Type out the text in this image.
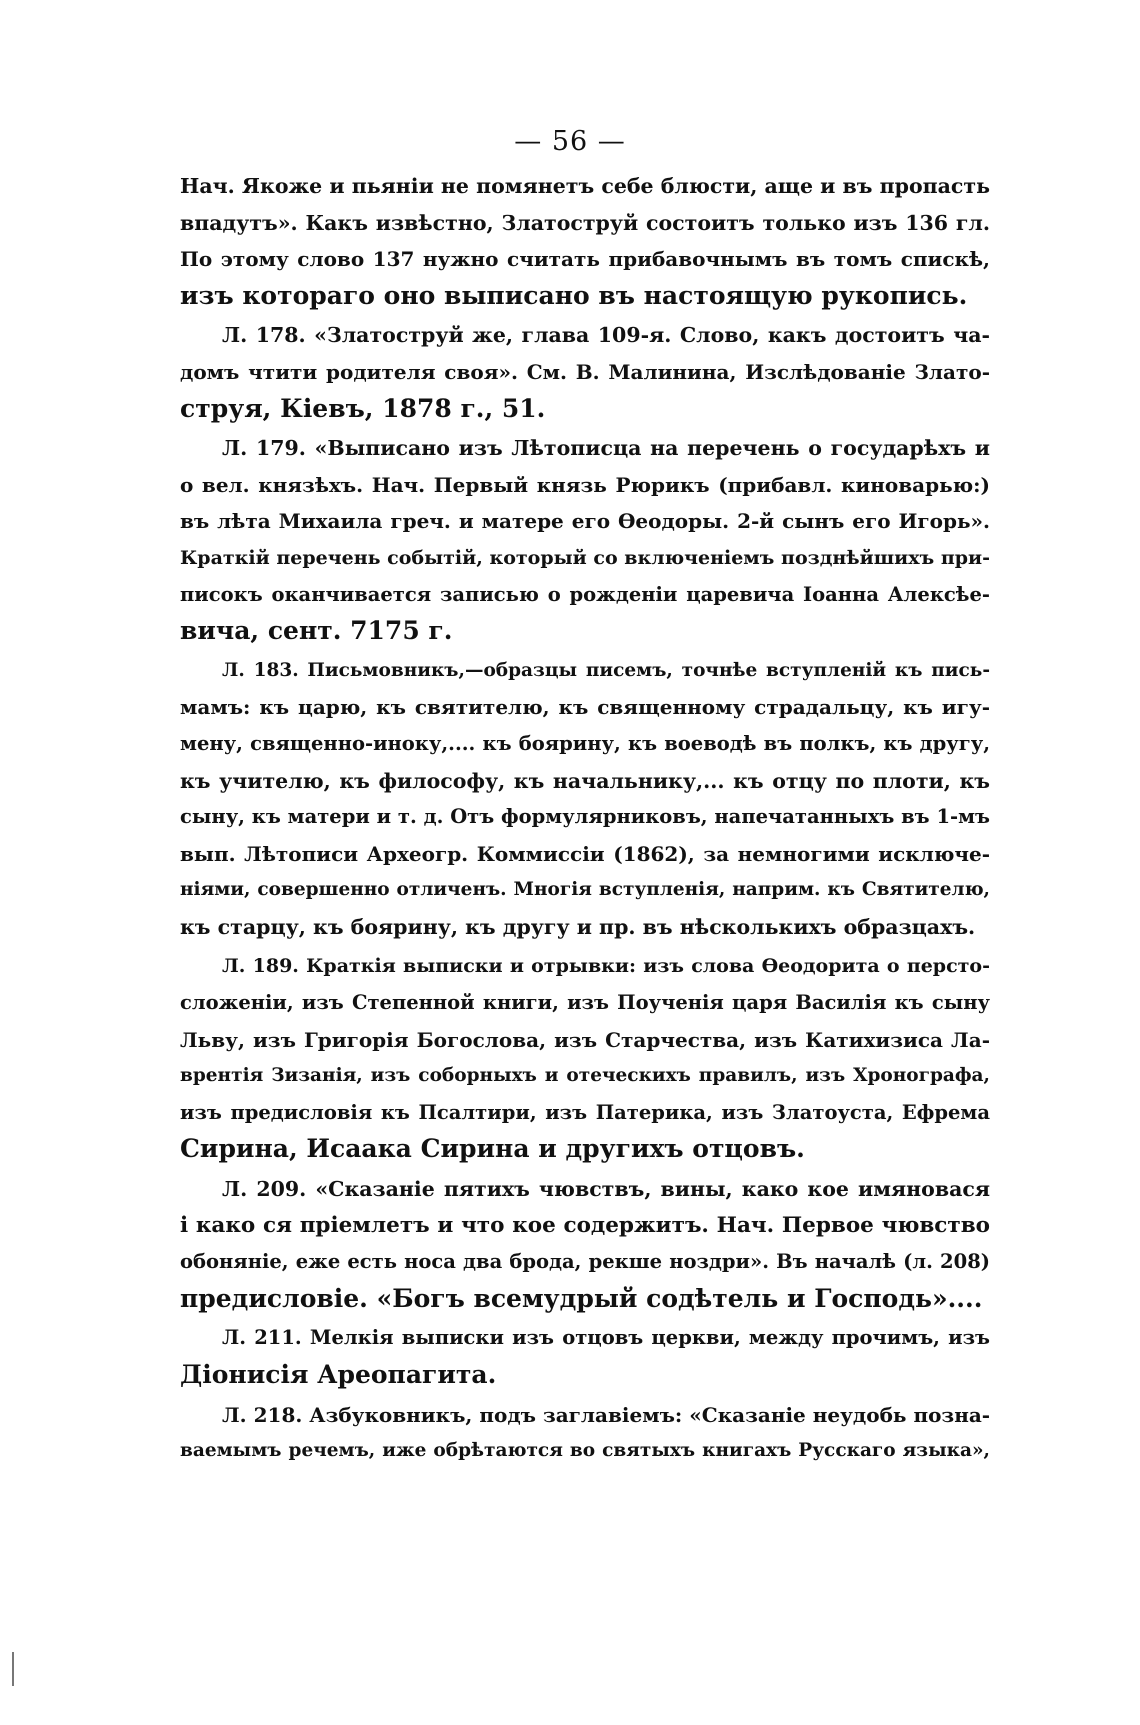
— 56 —
Нач. Якоже и пьяніи не помянетъ себе блюсти, аще и въ пропасть
впадутъ». Какъ извѣстно, Златоструй состоитъ только изъ 136 гл.
По этому слово 137 нужно считать прибавочнымъ въ томъ спискѣ,
изъ котораго оно выписано въ настоящую рукопись.
Л. 178. «Златоструй же, глава 109-я. Слово, какъ достоитъ ча-
домъ чтити родителя своя». См. В. Малинина, Изслѣдованіе Злато-
струя, Кіевъ, 1878 г., 51.
Л. 179. «Выписано изъ Лѣтописца на перечень о государѣхъ и
о вел. князѣхъ. Нач. Первый князь Рюрикъ (прибавл. киноварью:)
въ лѣта Михаила греч. и матере его Өеодоры. 2-й сынъ его Игорь».
Краткій перечень событій, который со включеніемъ позднѣйшихъ при-
писокъ оканчивается записью о рожденіи царевича Іоанна Алексѣе-
вича, сент. 7175 г.
Л. 183. Письмовникъ,—образцы писемъ, точнѣе вступленій къ пись-
мамъ: къ царю, къ святителю, къ священному страдальцу, къ игу-
мену, священно-иноку,.... къ боярину, къ воеводѣ въ полкъ, къ другу,
къ учителю, къ философу, къ начальнику,... къ отцу по плоти, къ
сыну, къ матери и т. д. Отъ формулярниковъ, напечатанныхъ въ 1-мъ
вып. Лѣтописи Археогр. Коммиссіи (1862), за немногими исключе-
ніями, совершенно отличенъ. Многія вступленія, наприм. къ Святителю,
къ старцу, къ боярину, къ другу и пр. въ нѣсколькихъ образцахъ.
Л. 189. Краткія выписки и отрывки: изъ слова Өеодорита о персто-
сложеніи, изъ Степенной книги, изъ Поученія царя Василія къ сыну
Льву, изъ Григорія Богослова, изъ Старчества, изъ Катихизиса Ла-
врентія Зизанія, изъ соборныхъ и отеческихъ правилъ, изъ Хронографа,
изъ предисловія къ Псалтири, изъ Патерика, изъ Златоуста, Ефрема
Сирина, Исаака Сирина и другихъ отцовъ.
Л. 209. «Сказаніе пятихъ чювствъ, вины, како кое имяновася
і како ся пріемлетъ и что кое содержитъ. Нач. Первое чювство
обоняніе, еже есть носа два брода, рекше ноздри». Въ началѣ (л. 208)
предисловіе. «Богъ всемудрый содѣтель и Господь»....
Л. 211. Мелкія выписки изъ отцовъ церкви, между прочимъ, изъ
Діонисія Ареопагита.
Л. 218. Азбуковникъ, подъ заглавіемъ: «Сказаніе неудобь позна-
ваемымъ речемъ, иже обрѣтаются во святыхъ книгахъ Русскаго языка»,
